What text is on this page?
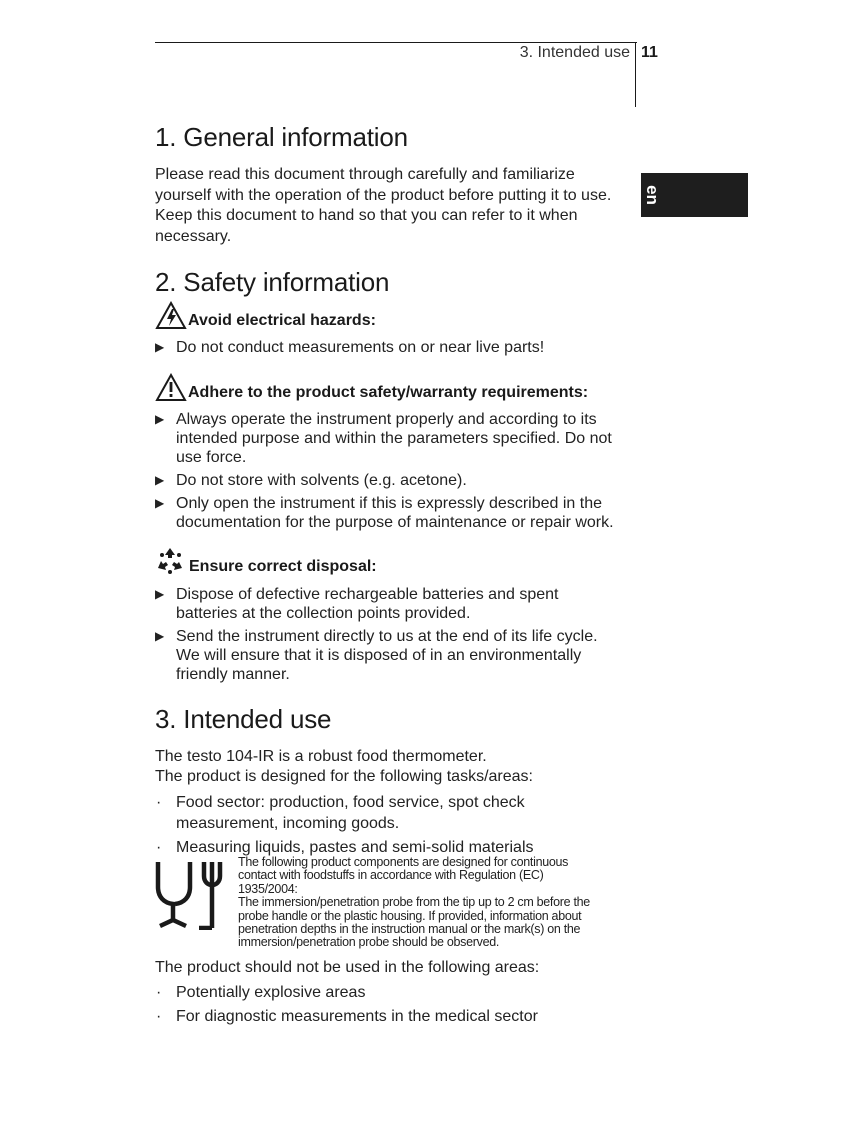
3. Intended use 11
en
1. General information
Please read this document through carefully and familiarize
yourself with the operation of the product before putting it to use.
Keep this document to hand so that you can refer to it when
necessary.
2. Safety information
Avoid electrical hazards:
▶ Do not conduct measurements on or near live parts!
Adhere to the product safety/warranty requirements:
▶ Always operate the instrument properly and according to its
intended purpose and within the parameters specified. Do not
use force.
▶ Do not store with solvents (e.g. acetone).
▶ Only open the instrument if this is expressly described in the
documentation for the purpose of maintenance or repair work.
Ensure correct disposal:
▶ Dispose of defective rechargeable batteries and spent
batteries at the collection points provided.
▶ Send the instrument directly to us at the end of its life cycle.
We will ensure that it is disposed of in an environmentally
friendly manner.
3. Intended use
The testo 104-IR is a robust food thermometer.
The product is designed for the following tasks/areas:
· Food sector: production, food service, spot check
measurement, incoming goods.
· Measuring liquids, pastes and semi-solid materials
The following product components are designed for continuous
contact with foodstuffs in accordance with Regulation (EC)
1935/2004:
The immersion/penetration probe from the tip up to 2 cm before the
probe handle or the plastic housing. If provided, information about
penetration depths in the instruction manual or the mark(s) on the
immersion/penetration probe should be observed.
The product should not be used in the following areas:
· Potentially explosive areas
· For diagnostic measurements in the medical sector
